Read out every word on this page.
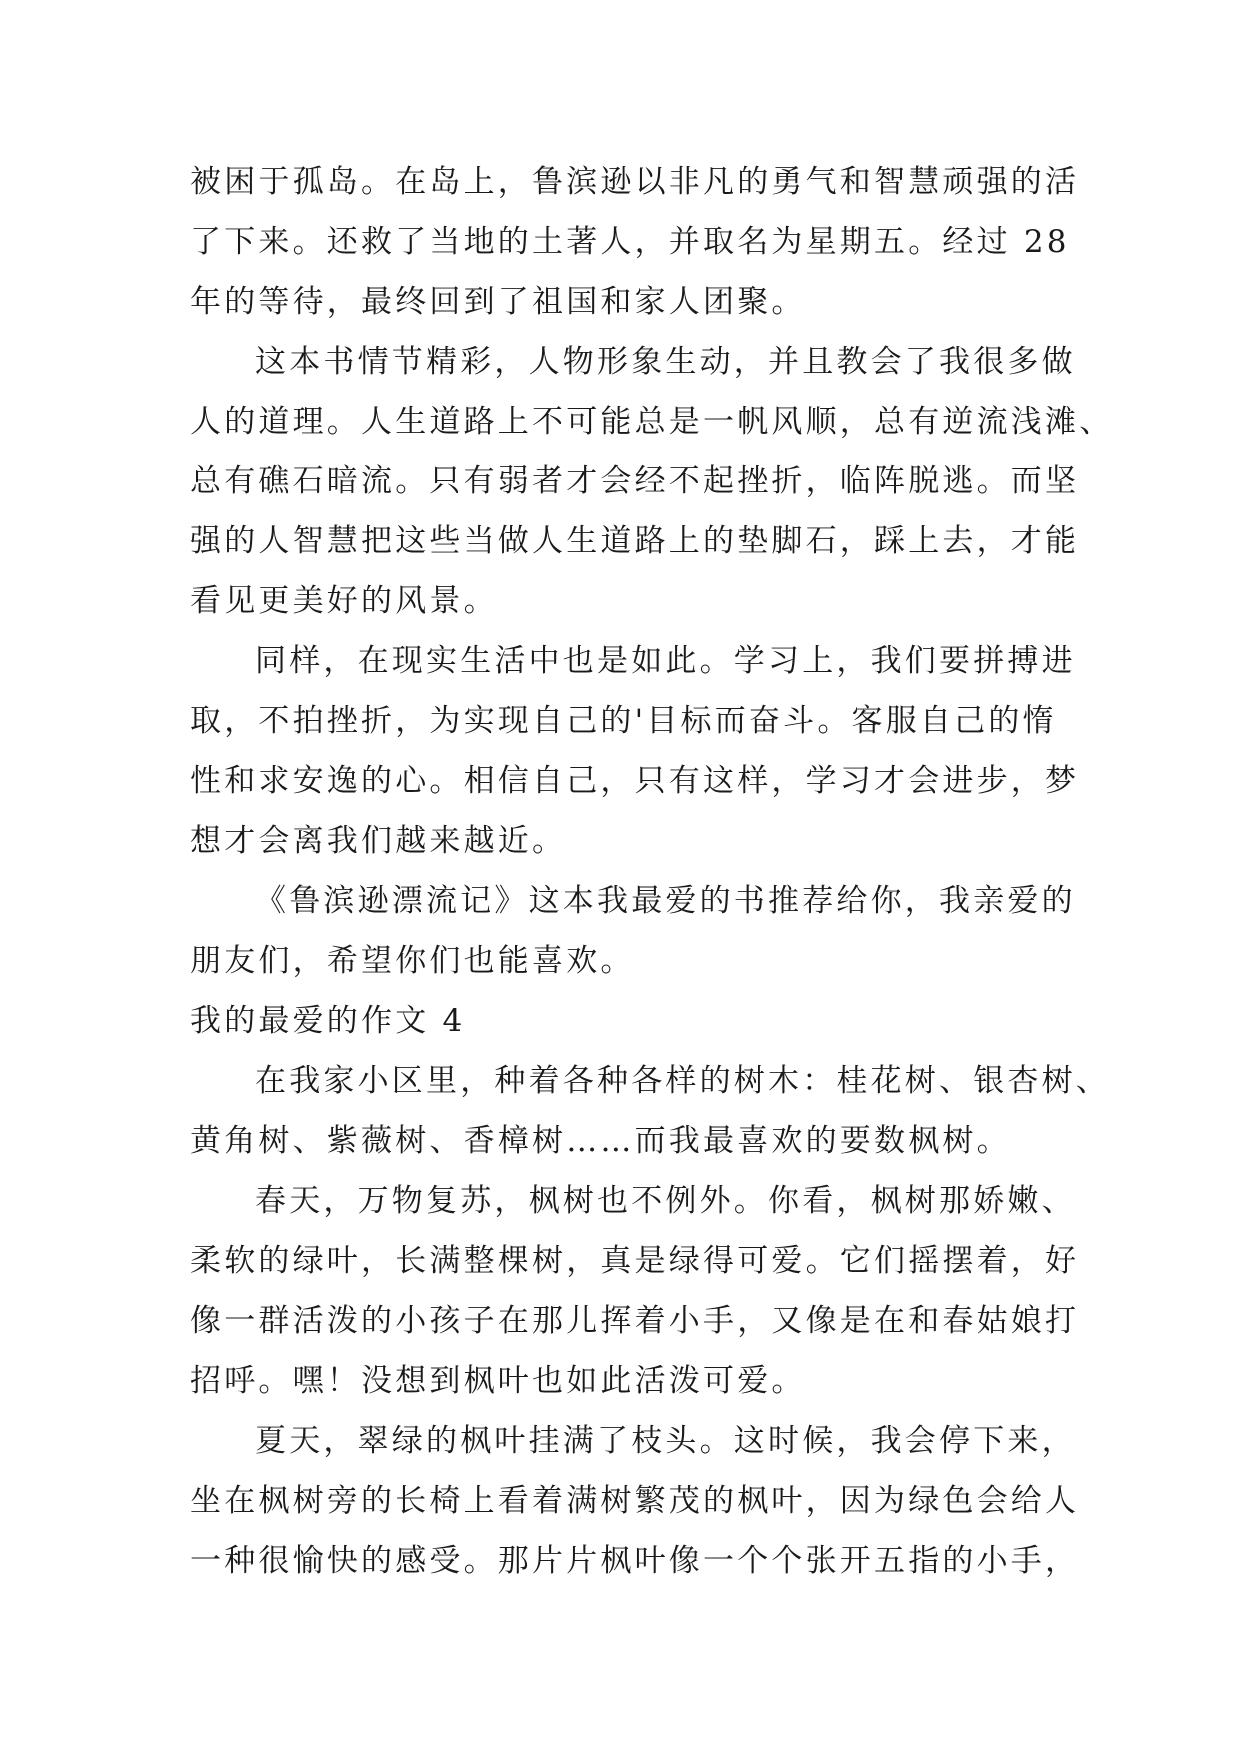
被困于孤岛。在岛上，鲁滨逊以非凡的勇气和智慧顽强的活
了下来。还救了当地的土著人，并取名为星期五。经过 28
年的等待，最终回到了祖国和家人团聚。
这本书情节精彩，人物形象生动，并且教会了我很多做
人的道理。人生道路上不可能总是一帆风顺，总有逆流浅滩、
总有礁石暗流。只有弱者才会经不起挫折，临阵脱逃。而坚
强的人智慧把这些当做人生道路上的垫脚石，踩上去，才能
看见更美好的风景。
同样，在现实生活中也是如此。学习上，我们要拼搏进
取，不拍挫折，为实现自己的'目标而奋斗。客服自己的惰
性和求安逸的心。相信自己，只有这样，学习才会进步，梦
想才会离我们越来越近。
《鲁滨逊漂流记》这本我最爱的书推荐给你，我亲爱的
朋友们，希望你们也能喜欢。
我的最爱的作文 4
在我家小区里，种着各种各样的树木：桂花树、银杏树、
黄角树、紫薇树、香樟树……而我最喜欢的要数枫树。
春天，万物复苏，枫树也不例外。你看，枫树那娇嫩、
柔软的绿叶，长满整棵树，真是绿得可爱。它们摇摆着，好
像一群活泼的小孩子在那儿挥着小手，又像是在和春姑娘打
招呼。嘿！没想到枫叶也如此活泼可爱。
夏天，翠绿的枫叶挂满了枝头。这时候，我会停下来，
坐在枫树旁的长椅上看着满树繁茂的枫叶，因为绿色会给人
一种很愉快的感受。那片片枫叶像一个个张开五指的小手，
